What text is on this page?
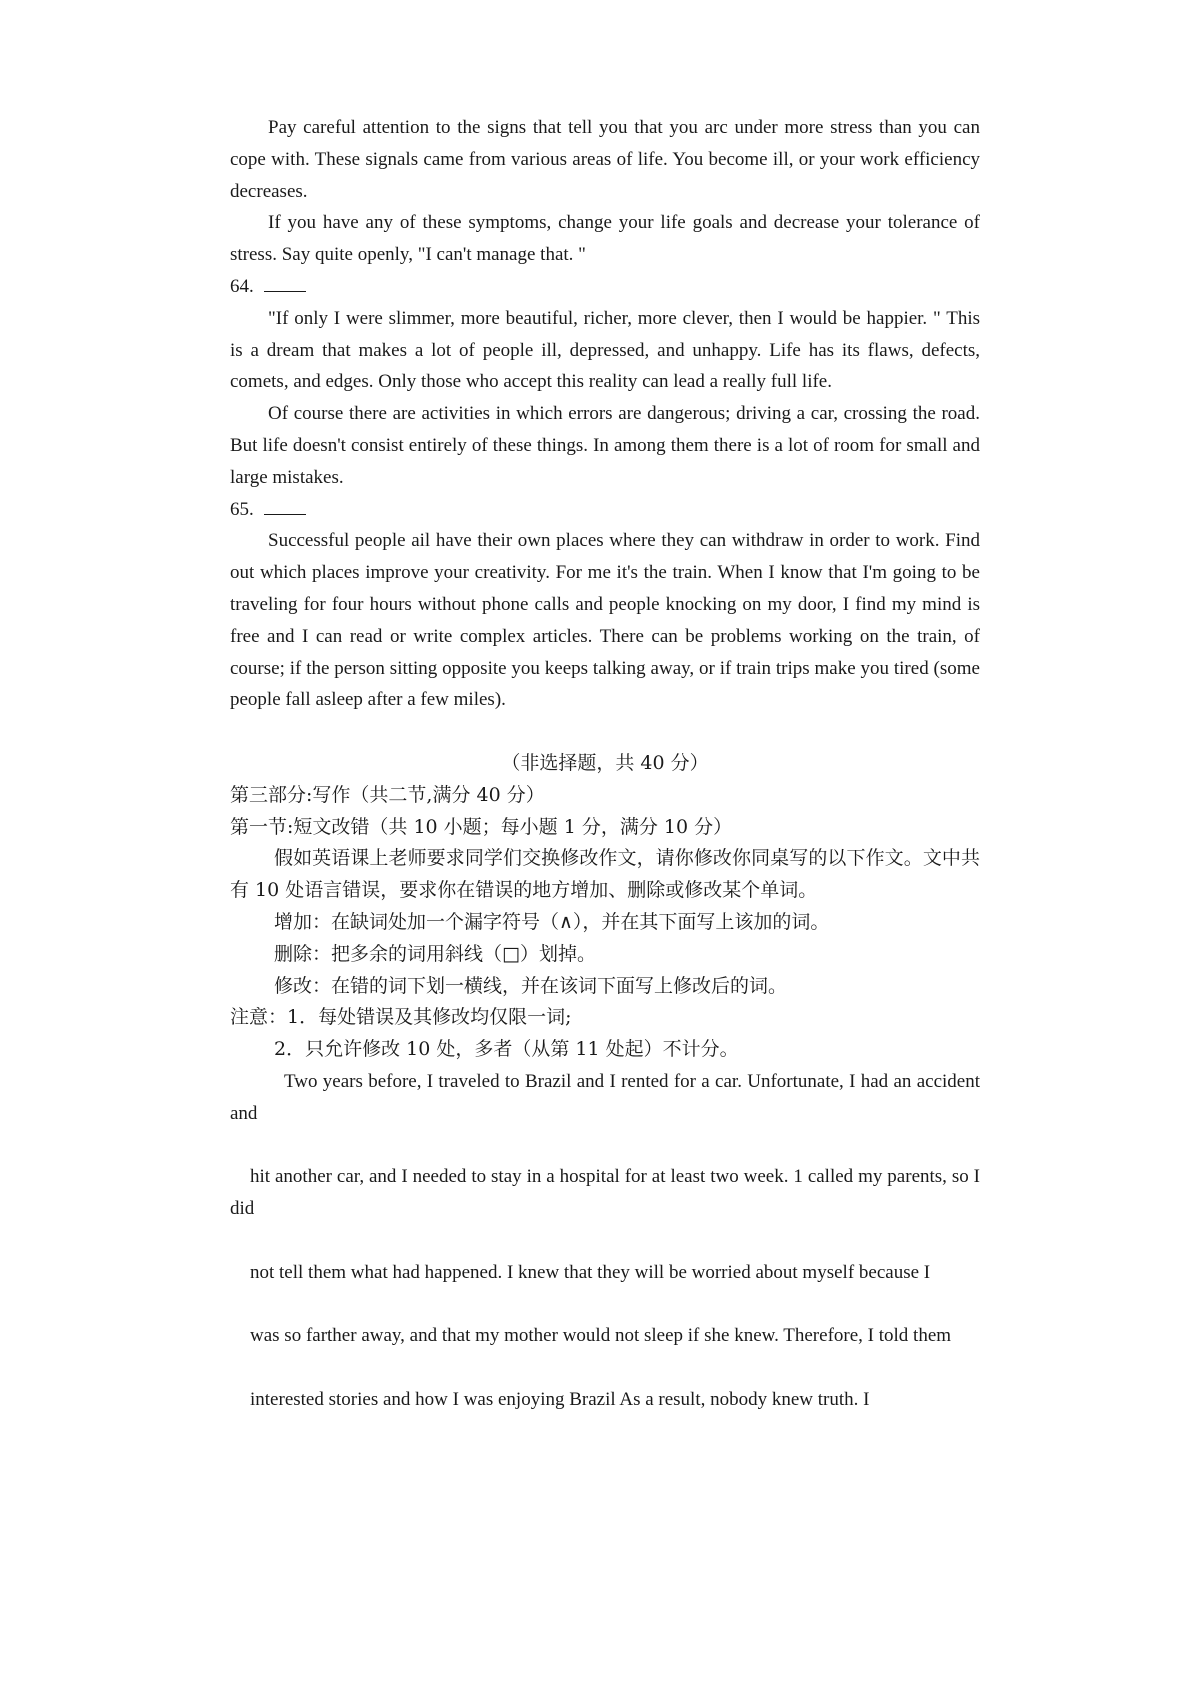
Pay careful attention to the signs that tell you that you arc under more stress than you can cope with. These signals came from various areas of life. You become ill, or your work efficiency decreases.

If you have any of these symptoms, change your life goals and decrease your tolerance of stress. Say quite openly, "I can't manage that. "

64.

"If only I were slimmer, more beautiful, richer, more clever, then I would be happier. " This is a dream that makes a lot of people ill, depressed, and unhappy. Life has its flaws, defects, comets, and edges. Only those who accept this reality can lead a really full life.

Of course there are activities in which errors are dangerous; driving a car, crossing the road. But life doesn't consist entirely of these things. In among them there is a lot of room for small and large mistakes.

65.

Successful people ail have their own places where they can withdraw in order to work. Find out which places improve your creativity. For me it's the train. When I know that I'm going to be traveling for four hours without phone calls and people knocking on my door, I find my mind is free and I can read or write complex articles. There can be problems working on the train, of course; if the person sitting opposite you keeps talking away, or if train trips make you tired (some people fall asleep after a few miles).

（非选择题，共 40 分）

第三部分:写作（共二节,满分 40 分）

第一节:短文改错（共 10 小题；每小题 1 分，满分 10 分）

假如英语课上老师要求同学们交换修改作文，请你修改你同桌写的以下作文。文中共有 10 处语言错误，要求你在错误的地方增加、删除或修改某个单词。

增加：在缺词处加一个漏字符号（∧），并在其下面写上该加的词。

删除：把多余的词用斜线（□）划掉。

修改：在错的词下划一横线，并在该词下面写上修改后的词。

注意：1．每处错误及其修改均仅限一词;

2．只允许修改 10 处，多者（从第 11 处起）不计分。

Two years before, I traveled to Brazil and I rented for a car. Unfortunate, I had an accident and

hit another car, and I needed to stay in a hospital for at least two week. 1 called my parents, so I did

not tell them what had happened. I knew that they will be worried about myself because I

was so farther away, and that my mother would not sleep if she knew. Therefore, I told them

interested stories and how I was enjoying Brazil As a result, nobody knew truth. I
